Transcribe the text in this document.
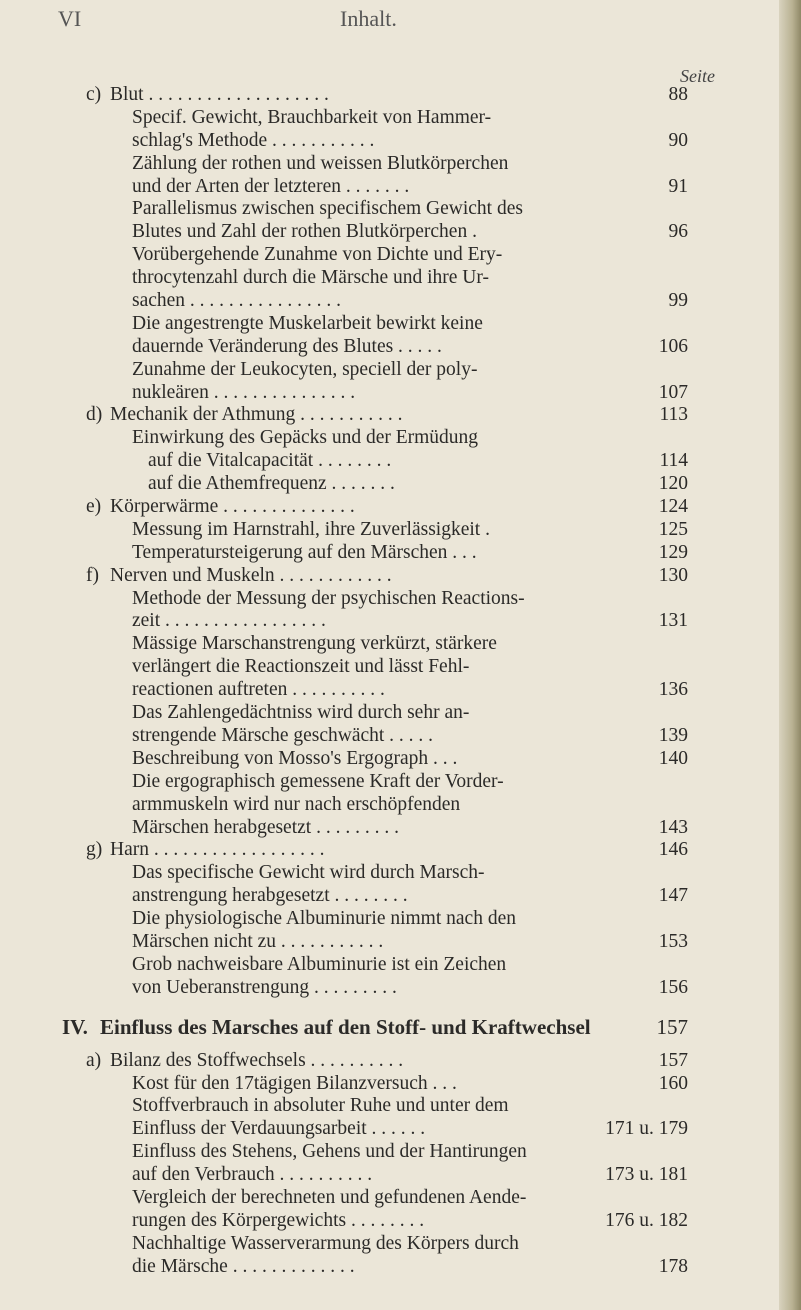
VI	Inhalt.
Seite
c) Blut . . . . . . . . . . . . . . . . . . .	88
Specif. Gewicht, Brauchbarkeit von Hammer-
schlag's Methode . . . . . . . . . . .	90
Zählung der rothen und weissen Blutkörperchen
und der Arten der letzteren . . . . . . .	91
Parallelismus zwischen specifischem Gewicht des
Blutes und Zahl der rothen Blutkörperchen .	96
Vorübergehende Zunahme von Dichte und Ery-
throcytenzahl durch die Märsche und ihre Ur-
sachen . . . . . . . . . . . . . . . .	99
Die angestrengte Muskelarbeit bewirkt keine
dauernde Veränderung des Blutes . . . . .	106
Zunahme der Leukocyten, speciell der poly-
nukleären . . . . . . . . . . . . . . .	107
d) Mechanik der Athmung . . . . . . . . . . .	113
Einwirkung des Gepäcks und der Ermüdung
auf die Vitalcapacität . . . . . . . .	114
auf die Athemfrequenz . . . . . . .	120
e) Körperwärme . . . . . . . . . . . . . .	124
Messung im Harnstrahl, ihre Zuverlässigkeit .	125
Temperatursteigerung auf den Märschen . . .	129
f) Nerven und Muskeln . . . . . . . . . . . .	130
Methode der Messung der psychischen Reactions-
zeit . . . . . . . . . . . . . . . . .	131
Mässige Marschanstrengung verkürzt, stärkere
verlängert die Reactionszeit und lässt Fehl-
reactionen auftreten . . . . . . . . . .	136
Das Zahlengedächtniss wird durch sehr an-
strengende Märsche geschwächt . . . . .	139
Beschreibung von Mosso's Ergograph . . .	140
Die ergographisch gemessene Kraft der Vorder-
armmuskeln wird nur nach erschöpfenden
Märschen herabgesetzt . . . . . . . . .	143
g) Harn . . . . . . . . . . . . . . . . . .	146
Das specifische Gewicht wird durch Marsch-
anstrengung herabgesetzt . . . . . . . .	147
Die physiologische Albuminurie nimmt nach den
Märschen nicht zu . . . . . . . . . . .	153
Grob nachweisbare Albuminurie ist ein Zeichen
von Ueberanstrengung . . . . . . . . .	156
IV. Einfluss des Marsches auf den Stoff- und Kraftwechsel	157
a) Bilanz des Stoffwechsels . . . . . . . . . .	157
Kost für den 17tägigen Bilanzversuch . . .	160
Stoffverbrauch in absoluter Ruhe und unter dem
Einfluss der Verdauungsarbeit . . . . . .	171 u. 179
Einfluss des Stehens, Gehens und der Hantirungen
auf den Verbrauch . . . . . . . . . .	173 u. 181
Vergleich der berechneten und gefundenen Aende-
rungen des Körpergewichts . . . . . . . .	176 u. 182
Nachhaltige Wasserverarmung des Körpers durch
die Märsche . . . . . . . . . . . . .	178
